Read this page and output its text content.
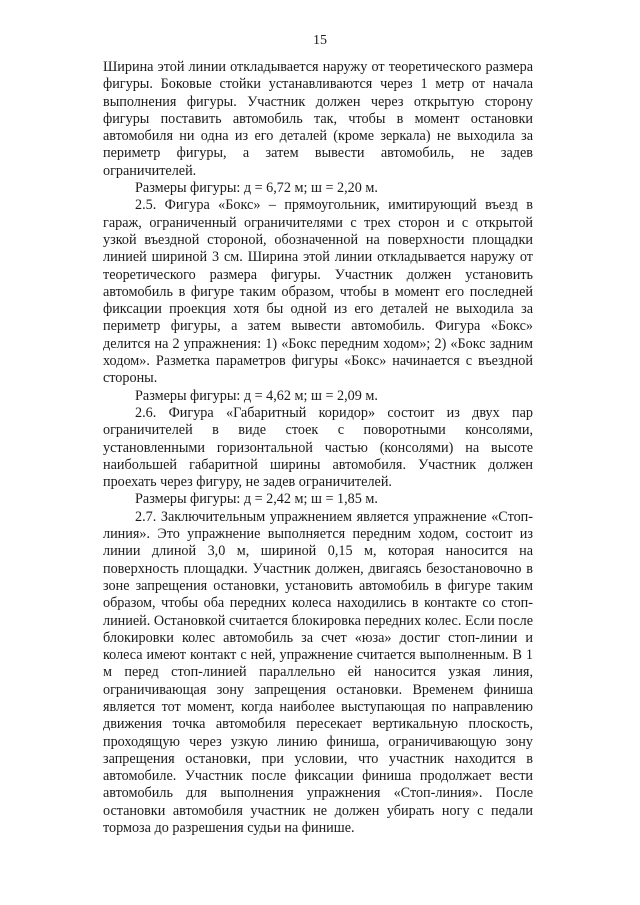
15

Ширина этой линии откладывается наружу от теоретического размера фигуры. Боковые стойки устанавливаются через 1 метр от начала выполнения фигуры. Участник должен через открытую сторону фигуры поставить автомобиль так, чтобы в момент остановки автомобиля ни одна из его деталей (кроме зеркала) не выходила за периметр фигуры, а затем вывести автомобиль, не задев ограничителей.

Размеры фигуры: д = 6,72 м; ш = 2,20 м.

2.5. Фигура «Бокс» – прямоугольник, имитирующий въезд в гараж, ограниченный ограничителями с трех сторон и с открытой узкой въездной стороной, обозначенной на поверхности площадки линией шириной 3 см. Ширина этой линии откладывается наружу от теоретического размера фигуры. Участник должен установить автомобиль в фигуре таким образом, чтобы в момент его последней фиксации проекция хотя бы одной из его деталей не выходила за периметр фигуры, а затем вывести автомобиль. Фигура «Бокс» делится на 2 упражнения: 1) «Бокс передним ходом»; 2) «Бокс задним ходом». Разметка параметров фигуры «Бокс» начинается с въездной стороны.

Размеры фигуры: д = 4,62 м; ш = 2,09 м.

2.6. Фигура «Габаритный коридор» состоит из двух пар ограничителей в виде стоек с поворотными консолями, установленными горизонтальной частью (консолями) на высоте наибольшей габаритной ширины автомобиля. Участник должен проехать через фигуру, не задев ограничителей.

Размеры фигуры: д = 2,42 м; ш = 1,85 м.

2.7. Заключительным упражнением является упражнение «Стоп-линия». Это упражнение выполняется передним ходом, состоит из линии длиной 3,0 м, шириной 0,15 м, которая наносится на поверхность площадки. Участник должен, двигаясь безостановочно в зоне запрещения остановки, установить автомобиль в фигуре таким образом, чтобы оба передних колеса находились в контакте со стоп-линией. Остановкой считается блокировка передних колес. Если после блокировки колес автомобиль за счет «юза» достиг стоп-линии и колеса имеют контакт с ней, упражнение считается выполненным. В 1 м перед стоп-линией параллельно ей наносится узкая линия, ограничивающая зону запрещения остановки. Временем финиша является тот момент, когда наиболее выступающая по направлению движения точка автомобиля пересекает вертикальную плоскость, проходящую через узкую линию финиша, ограничивающую зону запрещения остановки, при условии, что участник находится в автомобиле. Участник после фиксации финиша продолжает вести автомобиль для выполнения упражнения «Стоп-линия». После остановки автомобиля участник не должен убирать ногу с педали тормоза до разрешения судьи на финише.
